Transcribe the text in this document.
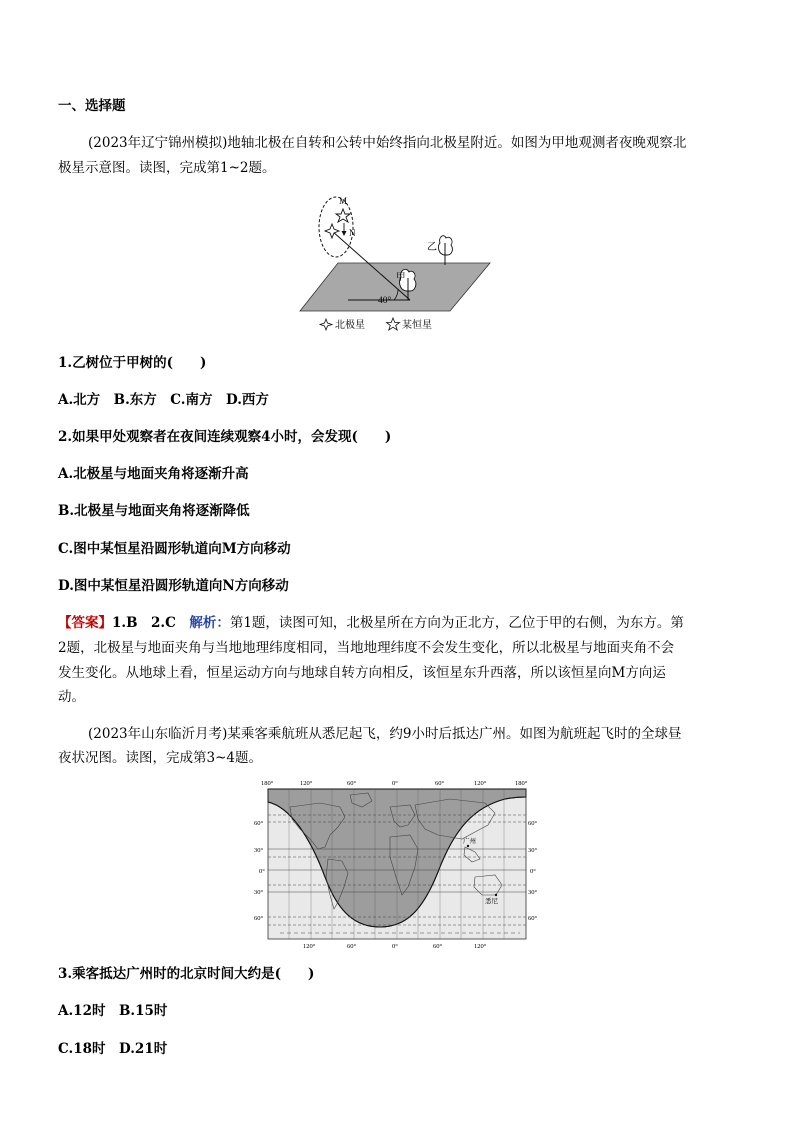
一、选择题
(2023年辽宁锦州模拟)地轴北极在自转和公转中始终指向北极星附近。如图为甲地观测者夜晚观察北
极星示意图。读图，完成第1~2题。
M
N
乙
甲
40°
北极星	某恒星
1.乙树位于甲树的(　　)
A.北方　B.东方　C.南方　D.西方
2.如果甲处观察者在夜间连续观察4小时，会发现(　　)
A.北极星与地面夹角将逐渐升高
B.北极星与地面夹角将逐渐降低
C.图中某恒星沿圆形轨道向M方向移动
D.图中某恒星沿圆形轨道向N方向移动
【答案】1.B　2.C　 解析：第1题，读图可知，北极星所在方向为正北方，乙位于甲的右侧，为东方。第
2题，北极星与地面夹角与当地地理纬度相同，当地地理纬度不会发生变化，所以北极星与地面夹角不会
发生变化。从地球上看，恒星运动方向与地球自转方向相反，该恒星东升西落，所以该恒星向M方向运
动。
(2023年山东临沂月考)某乘客乘航班从悉尼起飞，约9小时后抵达广州。如图为航班起飞时的全球昼
夜状况图。读图，完成第3~4题。
180°	120°	60°	0°	60°	120°	180°
60°
30°
0°
30°
60°
60°
30°
0°
30°
60°
广州
悉尼
120°	60°	0°	60°	120°
3.乘客抵达广州时的北京时间大约是(　　)
A.12时　B.15时
C.18时　D.21时
